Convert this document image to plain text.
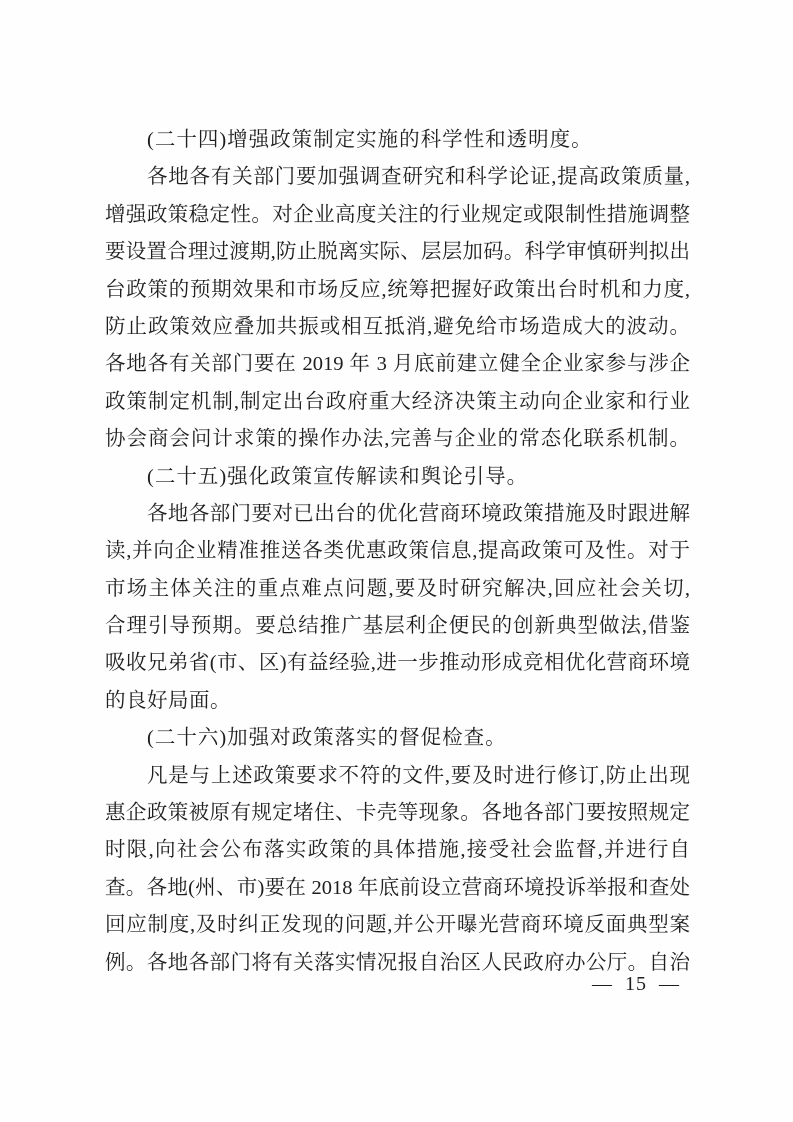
(二十四)增强政策制定实施的科学性和透明度。
各地各有关部门要加强调查研究和科学论证,提高政策质量,
增强政策稳定性。对企业高度关注的行业规定或限制性措施调整
要设置合理过渡期,防止脱离实际、层层加码。科学审慎研判拟出
台政策的预期效果和市场反应,统筹把握好政策出台时机和力度,
防止政策效应叠加共振或相互抵消,避免给市场造成大的波动。
各地各有关部门要在 2019 年 3 月底前建立健全企业家参与涉企
政策制定机制,制定出台政府重大经济决策主动向企业家和行业
协会商会问计求策的操作办法,完善与企业的常态化联系机制。
(二十五)强化政策宣传解读和舆论引导。
各地各部门要对已出台的优化营商环境政策措施及时跟进解
读,并向企业精准推送各类优惠政策信息,提高政策可及性。对于
市场主体关注的重点难点问题,要及时研究解决,回应社会关切,
合理引导预期。要总结推广基层利企便民的创新典型做法,借鉴
吸收兄弟省(市、区)有益经验,进一步推动形成竞相优化营商环境
的良好局面。
(二十六)加强对政策落实的督促检查。
凡是与上述政策要求不符的文件,要及时进行修订,防止出现
惠企政策被原有规定堵住、卡壳等现象。各地各部门要按照规定
时限,向社会公布落实政策的具体措施,接受社会监督,并进行自
查。各地(州、市)要在 2018 年底前设立营商环境投诉举报和查处
回应制度,及时纠正发现的问题,并公开曝光营商环境反面典型案
例。各地各部门将有关落实情况报自治区人民政府办公厅。自治
— 15 —
